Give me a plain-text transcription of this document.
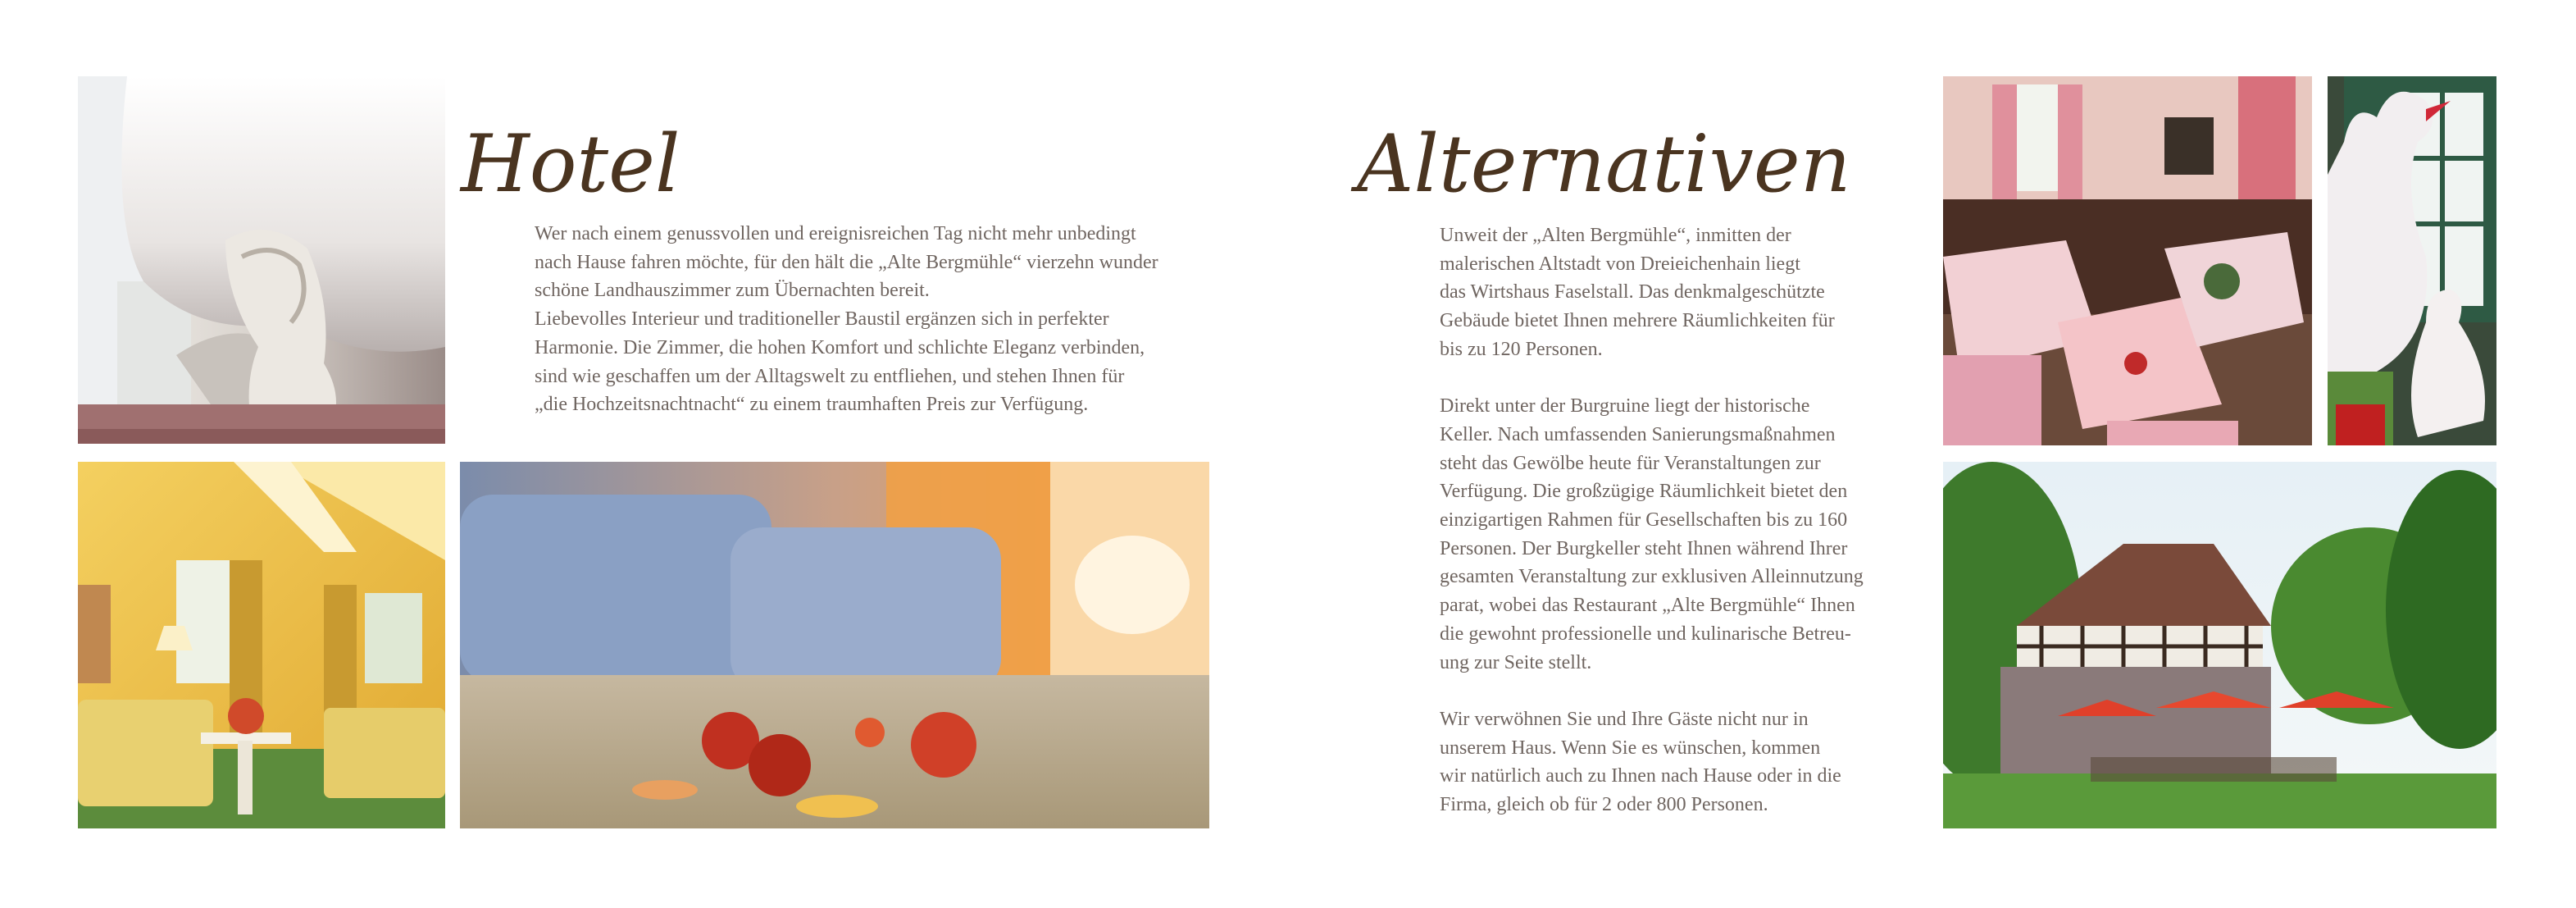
Hotel
Wer nach einem genussvollen und ereignisreichen Tag nicht mehr unbedingt
nach Hause fahren möchte, für den hält die „Alte Bergmühle“ vierzehn wunder
schöne Landhauszimmer zum Übernachten bereit.
Liebevolles Interieur und traditioneller Baustil ergänzen sich in perfekter
Harmonie. Die Zimmer, die hohen Komfort und schlichte Eleganz verbinden,
sind wie geschaffen um der Alltagswelt zu entfliehen, und stehen Ihnen für
„die Hochzeitsnachtnacht“ zu einem traumhaften Preis zur Verfügung.
Alternativen
Unweit der „Alten Bergmühle“, inmitten der
malerischen Altstadt von Dreieichenhain liegt
das Wirtshaus Faselstall. Das denkmalgeschützte
Gebäude bietet Ihnen mehrere Räumlichkeiten für
bis zu 120 Personen.
Direkt unter der Burgruine liegt der historische
Keller. Nach umfassenden Sanierungsmaßnahmen
steht das Gewölbe heute für Veranstaltungen zur
Verfügung. Die großzügige Räumlichkeit bietet den
einzigartigen Rahmen für Gesellschaften bis zu 160
Personen. Der Burgkeller steht Ihnen während Ihrer
gesamten Veranstaltung zur exklusiven Alleinnutzung
parat, wobei das Restaurant „Alte Bergmühle“ Ihnen
die gewohnt professionelle und kulinarische Betreu-
ung zur Seite stellt.
Wir verwöhnen Sie und Ihre Gäste nicht nur in
unserem Haus. Wenn Sie es wünschen, kommen
wir natürlich auch zu Ihnen nach Hause oder in die
Firma, gleich ob für 2 oder 800 Personen.
